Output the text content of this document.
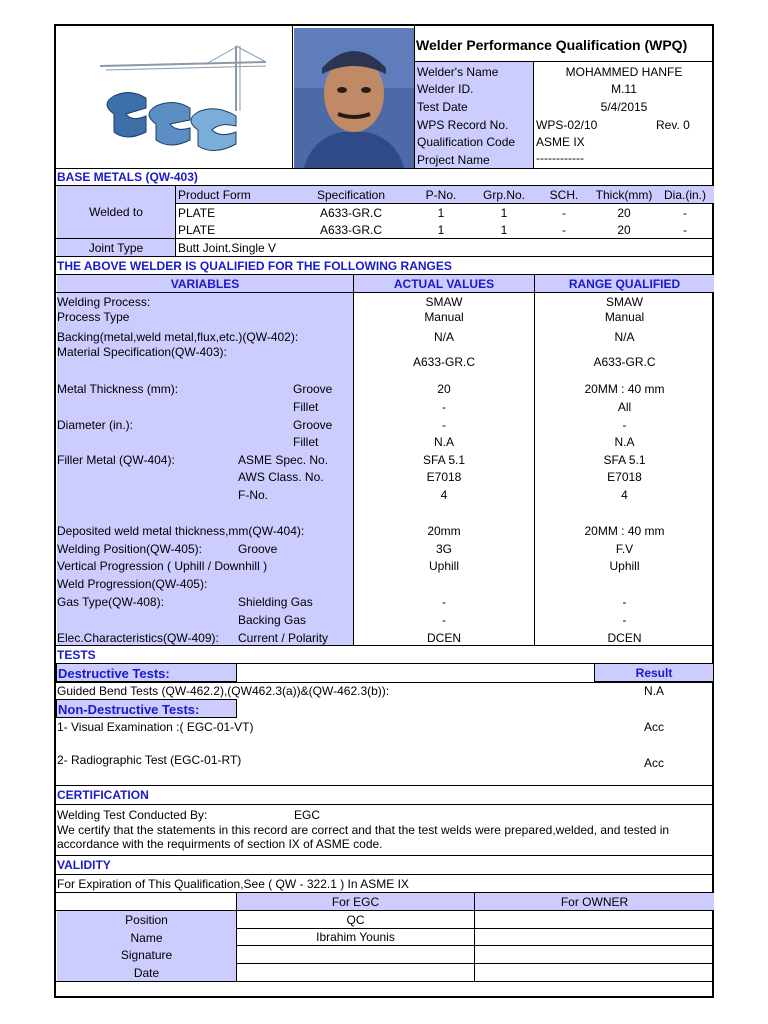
Welder Performance Qualification (WPQ)
Welder's Name	MOHAMMED HANFE
Welder ID.	M.11
Test Date	5/4/2015
WPS Record No. WPS-02/10	Rev. 0
Qualification Code ASME IX
Project Name	------------
BASE METALS (QW-403)
Welded to
Product Form	Specification	P-No.	Grp.No.	SCH.	Thick(mm) Dia.(in.)
PLATE	A633-GR.C	1	1	-	20	-
PLATE	A633-GR.C	1	1	-	20	-
Joint Type	Butt Joint.Single V
THE ABOVE WELDER IS QUALIFIED FOR THE FOLLOWING RANGES
VARIABLES	ACTUAL VALUES	RANGE QUALIFIED
Welding Process:	SMAW	SMAW
Process Type	Manual	Manual
Backing(metal,weld metal,flux,etc.)(QW-402):	N/A	N/A
Material Specification(QW-403):
A633-GR.C	A633-GR.C
Metal Thickness (mm):	Groove	20	20MM : 40 mm
Fillet	-	All
Diameter (in.):	Groove	-	-
Fillet	N.A	N.A
Filler Metal (QW-404):	ASME Spec. No.	SFA 5.1	SFA 5.1
AWS Class. No.	E7018	E7018
F-No.	4	4
Deposited weld metal thickness,mm(QW-404):	20mm	20MM : 40 mm
Welding Position(QW-405):	Groove	3G	F.V
Vertical Progression ( Uphill / Downhill )	Uphill	Uphill
Weld Progression(QW-405):
Gas Type(QW-408):	Shielding Gas	-	-
Backing Gas	-	-
Elec.Characteristics(QW-409): Current / Polarity	DCEN	DCEN
TESTS
Destructive Tests:	Result
Guided Bend Tests (QW-462.2),(QW462.3(a))&(QW-462.3(b)):	N.A
Non-Destructive Tests:
1- Visual Examination :( EGC-01-VT)	Acc
2- Radiographic Test (EGC-01-RT)	Acc
CERTIFICATION
Welding Test Conducted By:	EGC
We certify that the statements in this record are correct and that the test welds were prepared,welded, and tested in
accordance with the requirments of section IX of ASME code.
VALIDITY
For Expiration of This Qualification,See ( QW - 322.1 ) In ASME IX
For EGC	For OWNER
Position	QC
Name	Ibrahim Younis
Signature
Date
